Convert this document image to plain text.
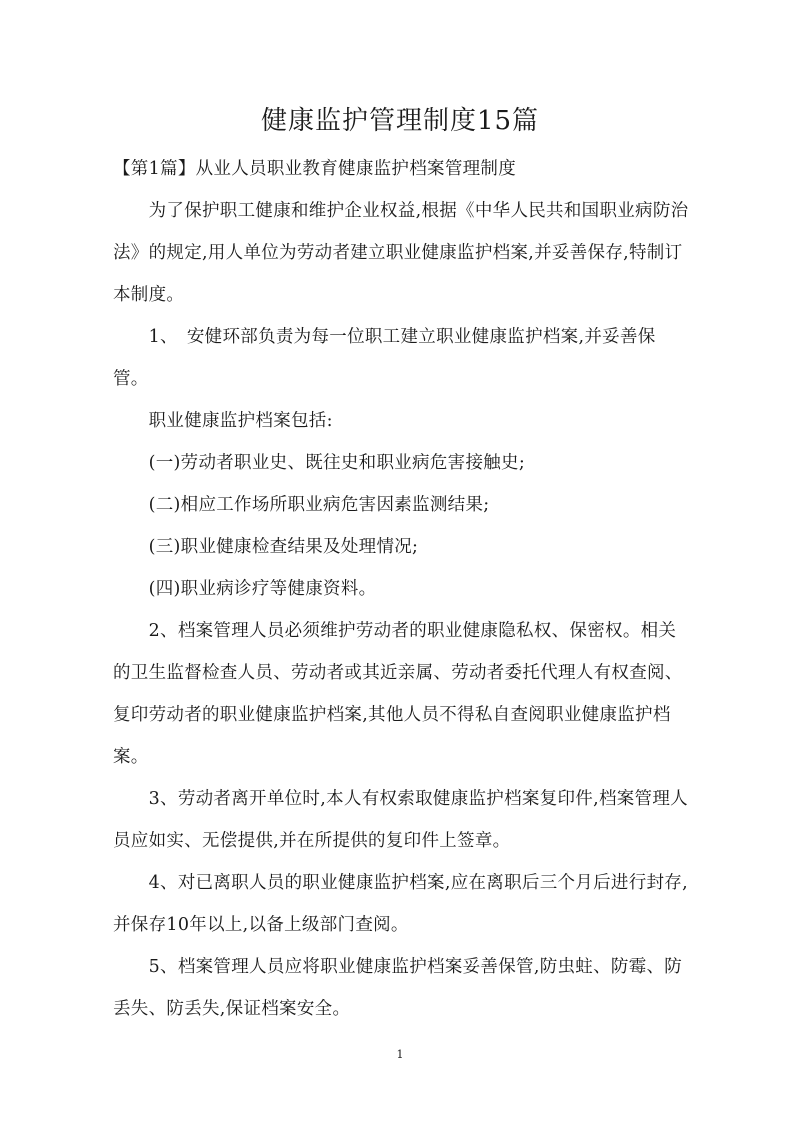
健康监护管理制度15篇
【第1篇】从业人员职业教育健康监护档案管理制度
　　为了保护职工健康和维护企业权益,根据《中华人民共和国职业病防治法》的规定,用人单位为劳动者建立职业健康监护档案,并妥善保存,特制订本制度。
　　1、　安健环部负责为每一位职工建立职业健康监护档案,并妥善保管。
　　职业健康监护档案包括:
　　(一)劳动者职业史、既往史和职业病危害接触史;
　　(二)相应工作场所职业病危害因素监测结果;
　　(三)职业健康检查结果及处理情况;
　　(四)职业病诊疗等健康资料。
　　2、档案管理人员必须维护劳动者的职业健康隐私权、保密权。相关的卫生监督检查人员、劳动者或其近亲属、劳动者委托代理人有权查阅、复印劳动者的职业健康监护档案,其他人员不得私自查阅职业健康监护档案。
　　3、劳动者离开单位时,本人有权索取健康监护档案复印件,档案管理人员应如实、无偿提供,并在所提供的复印件上签章。
　　4、对已离职人员的职业健康监护档案,应在离职后三个月后进行封存,并保存10年以上,以备上级部门查阅。
　　5、档案管理人员应将职业健康监护档案妥善保管,防虫蛀、防霉、防丢失、防丢失,保证档案安全。
1
